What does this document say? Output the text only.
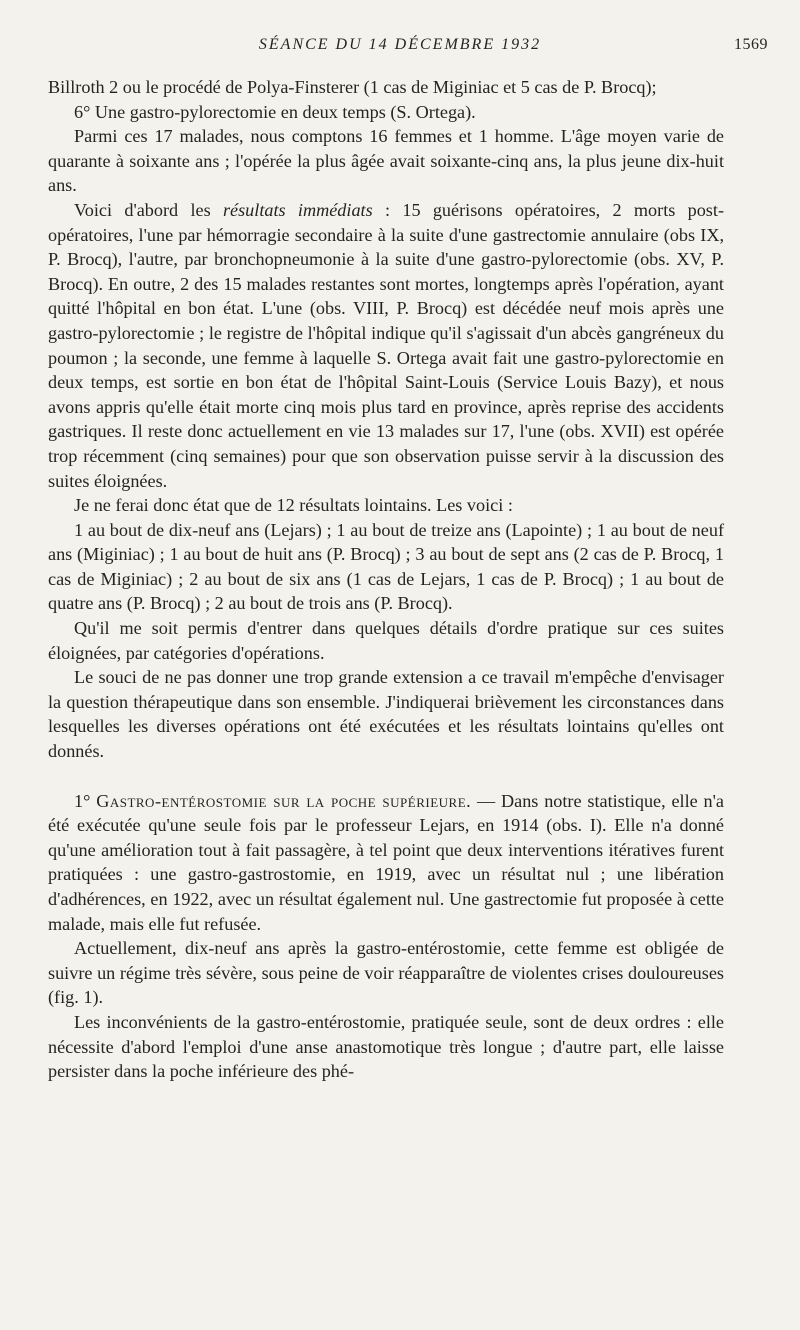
SÉANCE DU 14 DÉCEMBRE 1932	1569

Billroth 2 ou le procédé de Polya-Finsterer (1 cas de Miginiac et 5 cas de P. Brocq);

6° Une gastro-pylorectomie en deux temps (S. Ortega).

Parmi ces 17 malades, nous comptons 16 femmes et 1 homme. L'âge moyen varie de quarante à soixante ans ; l'opérée la plus âgée avait soixante-cinq ans, la plus jeune dix-huit ans.

Voici d'abord les résultats immédiats : 15 guérisons opératoires, 2 morts post-opératoires, l'une par hémorragie secondaire à la suite d'une gastrectomie annulaire (obs IX, P. Brocq), l'autre, par bronchopneumonie à la suite d'une gastro-pylorectomie (obs. XV, P. Brocq). En outre, 2 des 15 malades restantes sont mortes, longtemps après l'opération, ayant quitté l'hôpital en bon état. L'une (obs. VIII, P. Brocq) est décédée neuf mois après une gastro-pylorectomie ; le registre de l'hôpital indique qu'il s'agissait d'un abcès gangréneux du poumon ; la seconde, une femme à laquelle S. Ortega avait fait une gastro-pylorectomie en deux temps, est sortie en bon état de l'hôpital Saint-Louis (Service Louis Bazy), et nous avons appris qu'elle était morte cinq mois plus tard en province, après reprise des accidents gastriques. Il reste donc actuellement en vie 13 malades sur 17, l'une (obs. XVII) est opérée trop récemment (cinq semaines) pour que son observation puisse servir à la discussion des suites éloignées.

Je ne ferai donc état que de 12 résultats lointains. Les voici :

1 au bout de dix-neuf ans (Lejars) ; 1 au bout de treize ans (Lapointe) ; 1 au bout de neuf ans (Miginiac) ; 1 au bout de huit ans (P. Brocq) ; 3 au bout de sept ans (2 cas de P. Brocq, 1 cas de Miginiac) ; 2 au bout de six ans (1 cas de Lejars, 1 cas de P. Brocq) ; 1 au bout de quatre ans (P. Brocq) ; 2 au bout de trois ans (P. Brocq).

Qu'il me soit permis d'entrer dans quelques détails d'ordre pratique sur ces suites éloignées, par catégories d'opérations.

Le souci de ne pas donner une trop grande extension a ce travail m'empêche d'envisager la question thérapeutique dans son ensemble. J'indiquerai brièvement les circonstances dans lesquelles les diverses opérations ont été exécutées et les résultats lointains qu'elles ont donnés.

1° Gastro-entérostomie sur la poche supérieure. — Dans notre statistique, elle n'a été exécutée qu'une seule fois par le professeur Lejars, en 1914 (obs. I). Elle n'a donné qu'une amélioration tout à fait passagère, à tel point que deux interventions itératives furent pratiquées : une gastro-gastrostomie, en 1919, avec un résultat nul ; une libération d'adhérences, en 1922, avec un résultat également nul. Une gastrectomie fut proposée à cette malade, mais elle fut refusée.

Actuellement, dix-neuf ans après la gastro-entérostomie, cette femme est obligée de suivre un régime très sévère, sous peine de voir réapparaître de violentes crises douloureuses (fig. 1).

Les inconvénients de la gastro-entérostomie, pratiquée seule, sont de deux ordres : elle nécessite d'abord l'emploi d'une anse anastomotique très longue ; d'autre part, elle laisse persister dans la poche inférieure des phé-
